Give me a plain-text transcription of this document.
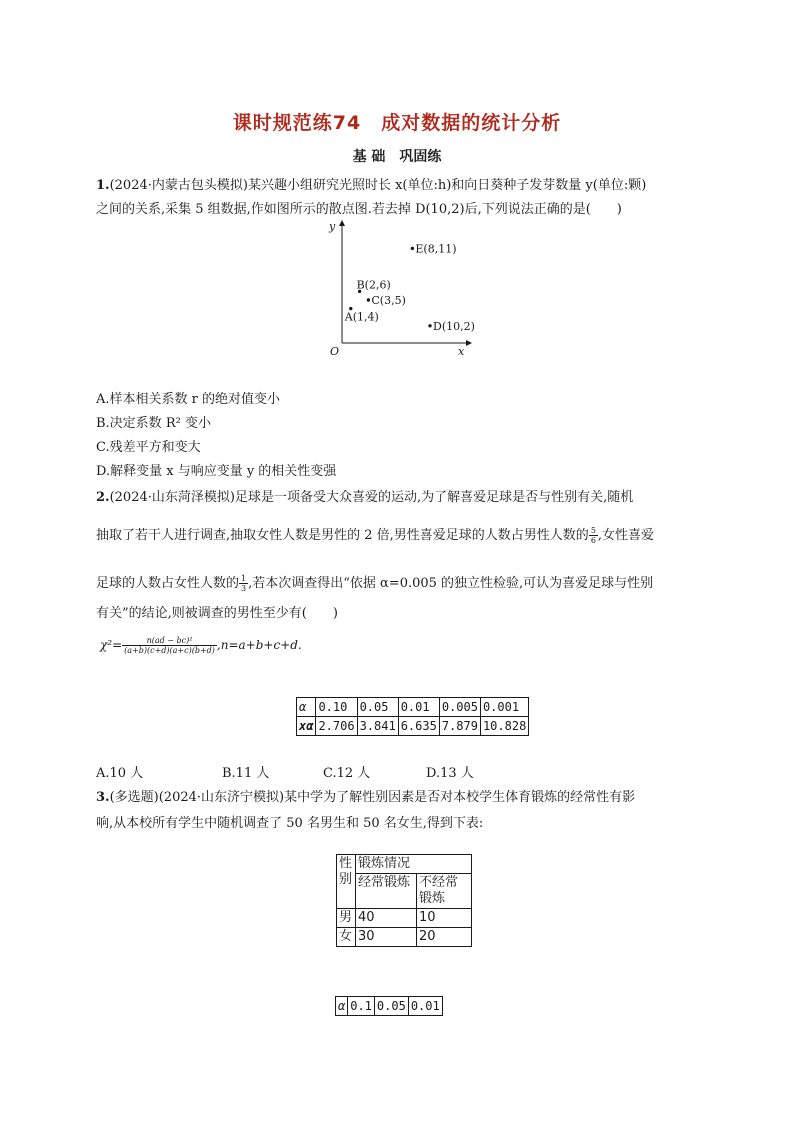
课时规范练74　成对数据的统计分析
基 础　巩固练
1.(2024·内蒙古包头模拟)某兴趣小组研究光照时长 x(单位:h)和向日葵种子发芽数量 y(单位:颗)
之间的关系,采集 5 组数据,作如图所示的散点图.若去掉 D(10,2)后,下列说法正确的是(　　)
x
y
O
A(1,4)
B(2,6)
C(3,5)
D(10,2)
E(8,11)
A.样本相关系数 r 的绝对值变小
B.决定系数 R² 变小
C.残差平方和变大
D.解释变量 x 与响应变量 y 的相关性变强
2.(2024·山东菏泽模拟)足球是一项备受大众喜爱的运动,为了解喜爱足球是否与性别有关,随机
抽取了若干人进行调查,抽取女性人数是男性的 2 倍,男性喜爱足球的人数占男性人数的 $\frac{5}{6}$ ,女性喜爱
足球的人数占女性人数的 $\frac{1}{3}$ ,若本次调查得出“依据 α=0.005 的独立性检验,可认为喜爱足球与性别
有关”的结论,则被调查的男性至少有(　　)
$\chi^2= \frac{\text{n(ad − bc)²}}{(a+b)(c+d)(a+c)(b+d)} ,n=a+b+c+d$.
α	0.10	0.05	0.01	0.005	0.001
xα	2.706	3.841	6.635	7.879	10.828
A.10 人	B.11 人	C.12 人	D.13 人
3.(多选题)(2024·山东济宁模拟)某中学为了解性别因素是否对本校学生体育锻炼的经常性有影
响,从本校所有学生中随机调查了 50 名男生和 50 名女生,得到下表:
性别	锻炼情况	
	经常锻炼	不经常锻炼
男	40	10
女	30	20
α	0.1	0.05	0.01
